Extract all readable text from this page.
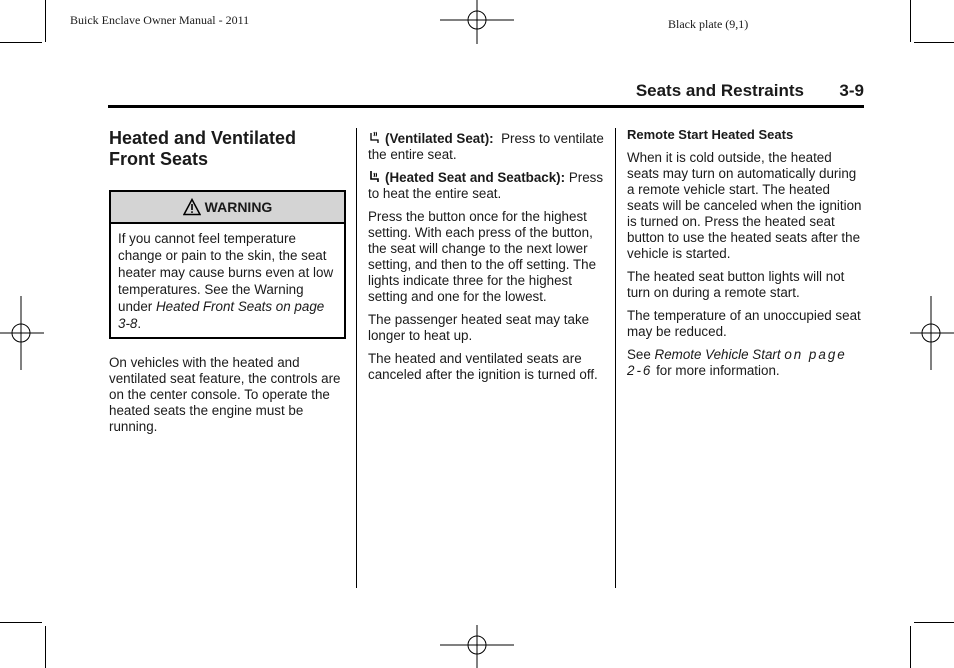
Buick Enclave Owner Manual - 2011	Black plate (9,1)
Seats and Restraints 3-9
Heated and Ventilated
Front Seats
WARNING
If you cannot feel temperature change or pain to the skin, the seat heater may cause burns even at low temperatures. See the Warning under Heated Front Seats on page 3-8.

On vehicles with the heated and ventilated seat feature, the controls are on the center console. To operate the heated seats the engine must be running.

(Ventilated Seat): Press to ventilate the entire seat.

(Heated Seat and Seatback): Press to heat the entire seat.

Press the button once for the highest setting. With each press of the button, the seat will change to the next lower setting, and then to the off setting. The lights indicate three for the highest setting and one for the lowest.

The passenger heated seat may take longer to heat up.

The heated and ventilated seats are canceled after the ignition is turned off.

Remote Start Heated Seats

When it is cold outside, the heated seats may turn on automatically during a remote vehicle start. The heated seats will be canceled when the ignition is turned on. Press the heated seat button to use the heated seats after the vehicle is started.

The heated seat button lights will not turn on during a remote start.

The temperature of an unoccupied seat may be reduced.

See Remote Vehicle Start on page 2-6 for more information.
